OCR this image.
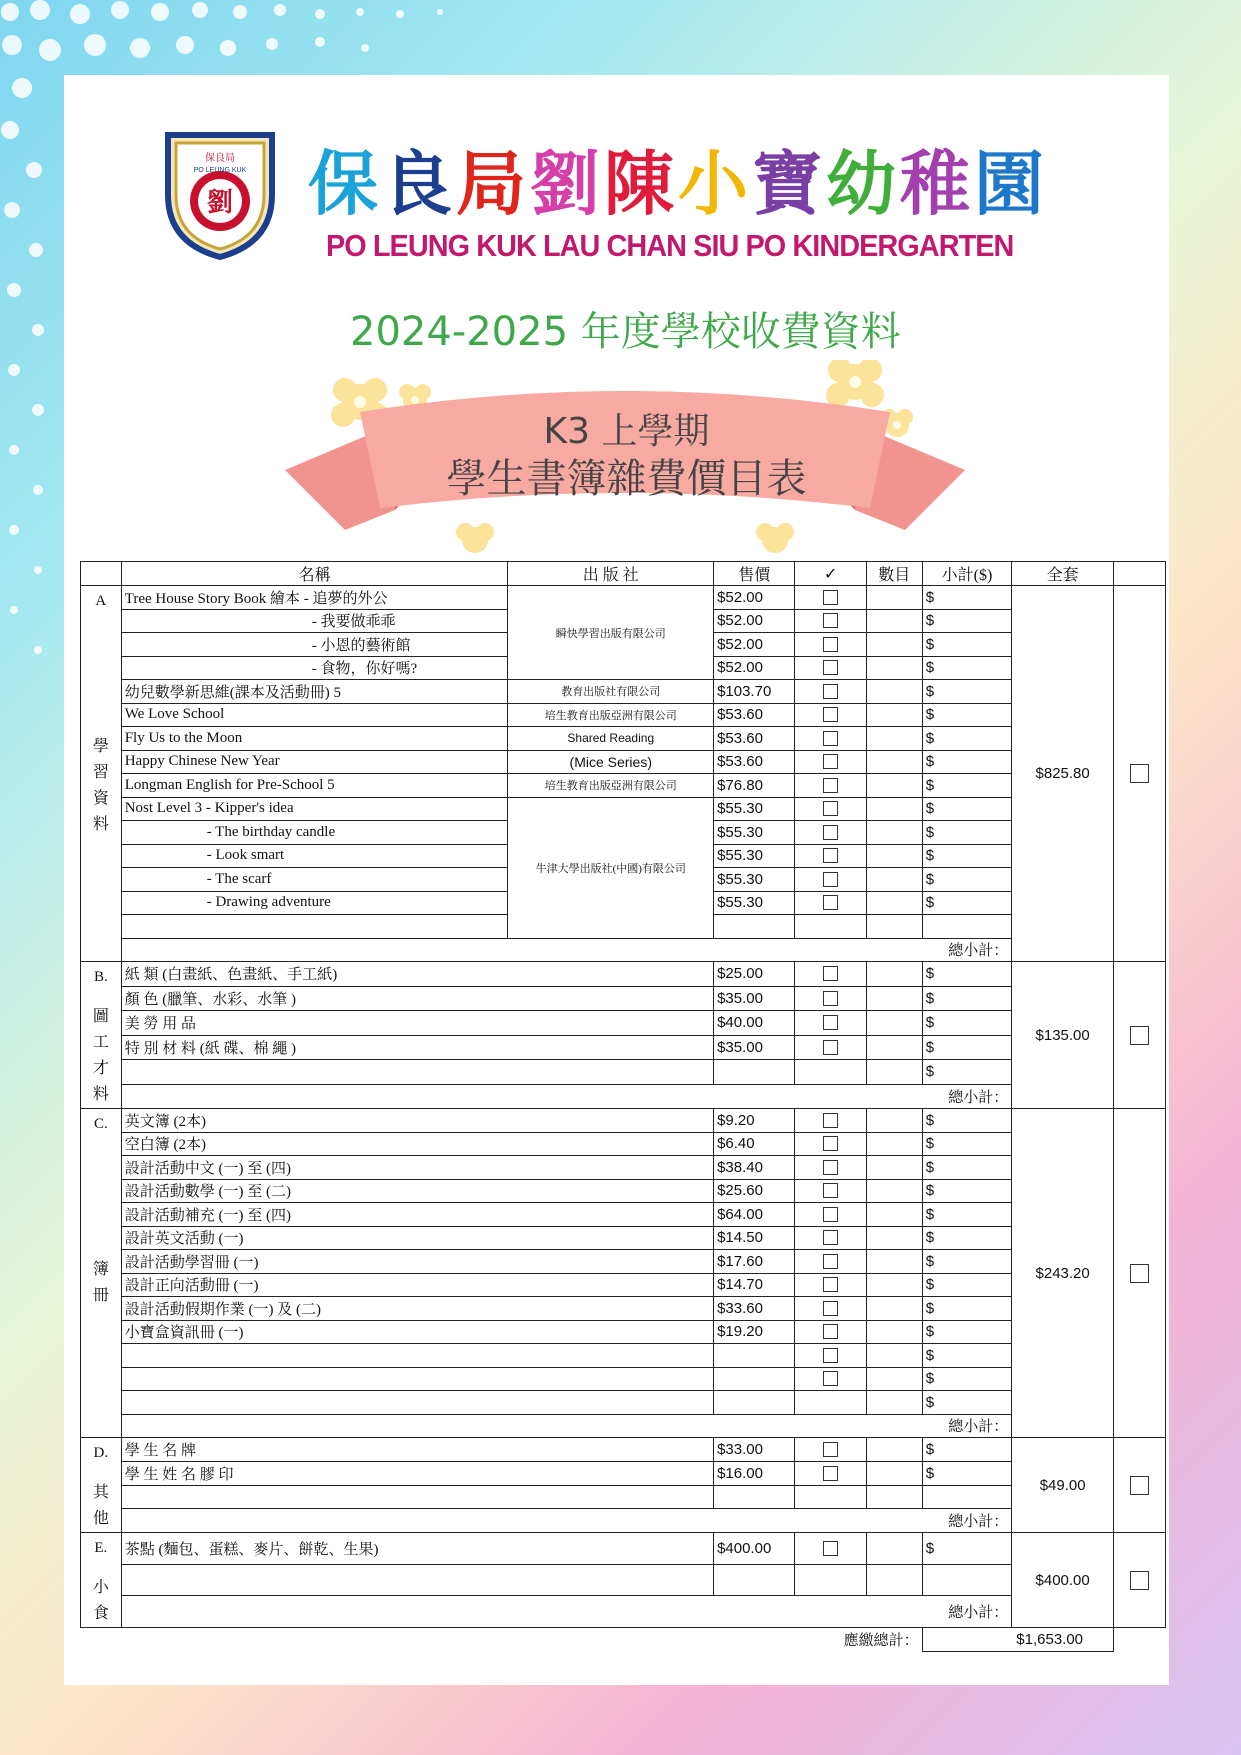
劉
保良局
PO LEUNG KUK 保良局劉陳小寶幼稚園
PO LEUNG KUK LAU CHAN SIU PO KINDERGARTEN
2024-2025 年度學校收費資料
K3 上學期
學生書簿雜費價目表
	名稱	出 版 社	售價	✓	數目	小計($)	全套	

A
學
習
資
料	Tree House Story Book 繪本 - 追夢的外公	瞬快學習出版有限公司	$52.00			$	$825.80	
	- 我要做乖乖		$52.00			$		
	- 小恩的藝術館		$52.00			$		
	- 食物，你好嗎?		$52.00			$		
	幼兒數學新思維(課本及活動冊) 5	教育出版社有限公司	$103.70			$		
	We Love School	培生教育出版亞洲有限公司	$53.60			$		
	Fly Us to the Moon	Shared Reading	$53.60			$		
	Happy Chinese New Year	(Mice Series)	$53.60			$		
	Longman English for Pre-School 5	培生教育出版亞洲有限公司	$76.80			$		
	Nost Level 3 - Kipper's idea	牛津大學出版社(中國)有限公司	$55.30			$		
	- The birthday candle		$55.30			$		
	- Look smart		$55.30			$		
	- The scarf		$55.30			$		
	- Drawing adventure		$55.30			$		

	總小計：							

B.
圖
工
才
料	紙 類 (白畫紙、色畫紙、手工紙)		$25.00			$	$135.00	
	顏 色 (臘筆、水彩、水筆 )		$35.00			$		
	美 勞 用 品		$40.00			$		
	特 別 材 料 (紙 碟、棉 繩 )		$35.00			$		
						$		
	總小計：							

C.
簿
冊	英文簿 (2本)		$9.20			$	$243.20	
	空白簿 (2本)		$6.40			$		
	設計活動中文 (一) 至 (四)		$38.40			$		
	設計活動數學 (一) 至 (二)		$25.60			$		
	設計活動補充 (一) 至 (四)		$64.00			$		
	設計英文活動 (一)		$14.50			$		
	設計活動學習冊 (一)		$17.60			$		
	設計正向活動冊 (一)		$14.70			$		
	設計活動假期作業 (一) 及 (二)		$33.60			$		
	小寶盒資訊冊 (一)		$19.20			$		
						$		
						$		
						$		
	總小計：							

D.
其
他	學 生 名 牌		$33.00			$	$49.00	
	學 生 姓 名 膠 印		$16.00			$		

	總小計：							

E.
小
食	茶點 (麵包、蛋糕、麥片、餅乾、生果)		$400.00			$	$400.00	

	總小計：							
應繳總計：						$1,653.00		
